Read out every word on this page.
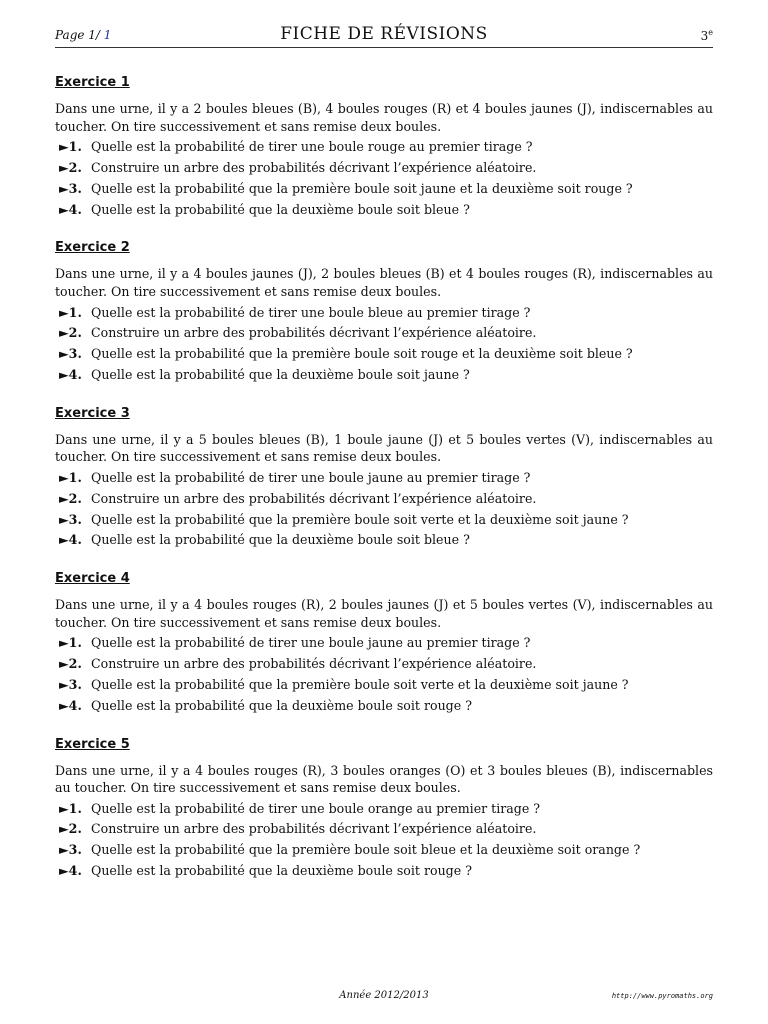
Page 1/ 1	FICHE DE RÉVISIONS	3e
Exercice 1
Dans une urne, il y a 2 boules bleues (B), 4 boules rouges (R) et 4 boules jaunes (J), indiscernables au toucher. On tire successivement et sans remise deux boules.
►1. Quelle est la probabilité de tirer une boule rouge au premier tirage ?
►2. Construire un arbre des probabilités décrivant l’expérience aléatoire.
►3. Quelle est la probabilité que la première boule soit jaune et la deuxième soit rouge ?
►4. Quelle est la probabilité que la deuxième boule soit bleue ?
Exercice 2
Dans une urne, il y a 4 boules jaunes (J), 2 boules bleues (B) et 4 boules rouges (R), indiscernables au toucher. On tire successivement et sans remise deux boules.
►1. Quelle est la probabilité de tirer une boule bleue au premier tirage ?
►2. Construire un arbre des probabilités décrivant l’expérience aléatoire.
►3. Quelle est la probabilité que la première boule soit rouge et la deuxième soit bleue ?
►4. Quelle est la probabilité que la deuxième boule soit jaune ?
Exercice 3
Dans une urne, il y a 5 boules bleues (B), 1 boule jaune (J) et 5 boules vertes (V), indiscernables au toucher. On tire successivement et sans remise deux boules.
►1. Quelle est la probabilité de tirer une boule jaune au premier tirage ?
►2. Construire un arbre des probabilités décrivant l’expérience aléatoire.
►3. Quelle est la probabilité que la première boule soit verte et la deuxième soit jaune ?
►4. Quelle est la probabilité que la deuxième boule soit bleue ?
Exercice 4
Dans une urne, il y a 4 boules rouges (R), 2 boules jaunes (J) et 5 boules vertes (V), indiscernables au toucher. On tire successivement et sans remise deux boules.
►1. Quelle est la probabilité de tirer une boule jaune au premier tirage ?
►2. Construire un arbre des probabilités décrivant l’expérience aléatoire.
►3. Quelle est la probabilité que la première boule soit verte et la deuxième soit jaune ?
►4. Quelle est la probabilité que la deuxième boule soit rouge ?
Exercice 5
Dans une urne, il y a 4 boules rouges (R), 3 boules oranges (O) et 3 boules bleues (B), indiscernables au toucher. On tire successivement et sans remise deux boules.
►1. Quelle est la probabilité de tirer une boule orange au premier tirage ?
►2. Construire un arbre des probabilités décrivant l’expérience aléatoire.
►3. Quelle est la probabilité que la première boule soit bleue et la deuxième soit orange ?
►4. Quelle est la probabilité que la deuxième boule soit rouge ?
Année 2012/2013	http://www.pyromaths.org
